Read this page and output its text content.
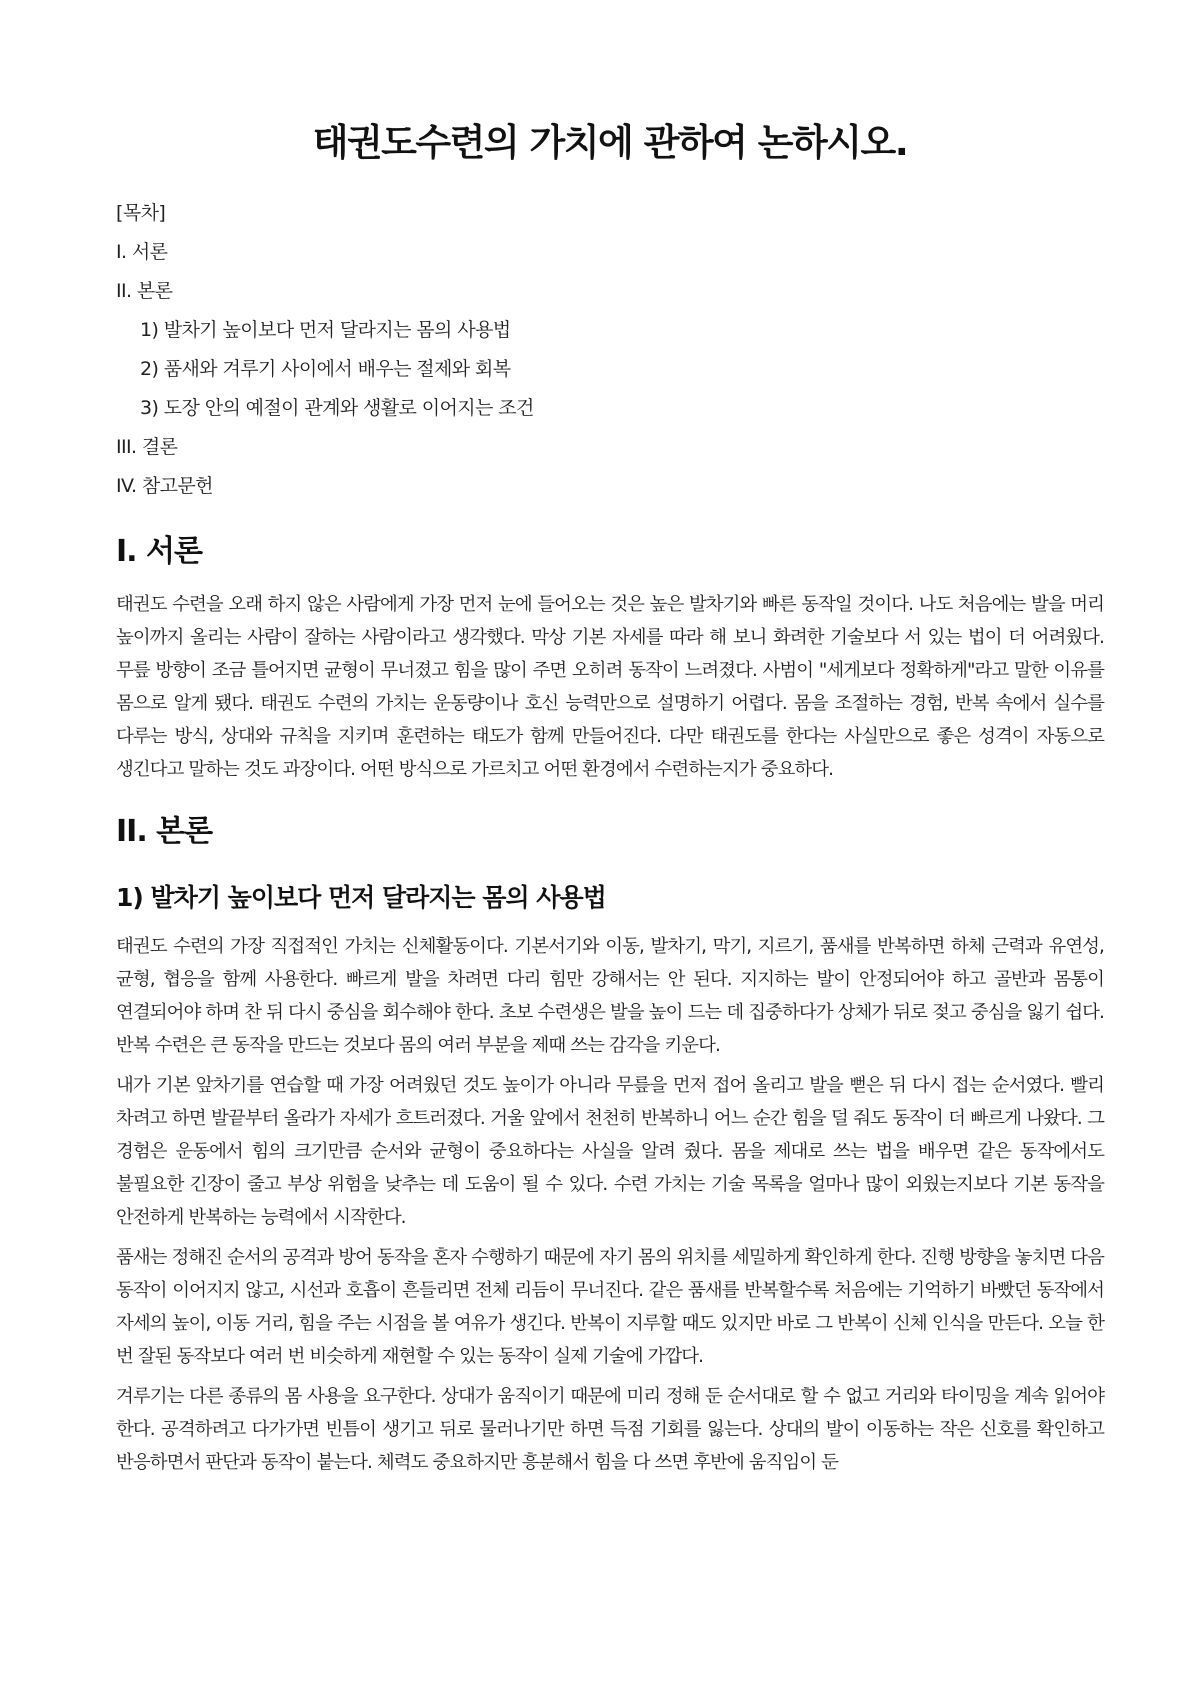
태권도수련의 가치에 관하여 논하시오.
[목차]
I. 서론
II. 본론
1) 발차기 높이보다 먼저 달라지는 몸의 사용법
2) 품새와 겨루기 사이에서 배우는 절제와 회복
3) 도장 안의 예절이 관계와 생활로 이어지는 조건
III. 결론
IV. 참고문헌
I. 서론

태권도 수련을 오래 하지 않은 사람에게 가장 먼저 눈에 들어오는 것은 높은 발차기와 빠른 동작일 것이다. 나도 처음에는 발을 머리 높이까지 올리는 사람이 잘하는 사람이라고 생각했다. 막상 기본 자세를 따라 해 보니 화려한 기술보다 서 있는 법이 더 어려웠다. 무릎 방향이 조금 틀어지면 균형이 무너졌고 힘을 많이 주면 오히려 동작이 느려졌다. 사범이 "세게보다 정확하게"라고 말한 이유를 몸으로 알게 됐다. 태권도 수련의 가치는 운동량이나 호신 능력만으로 설명하기 어렵다. 몸을 조절하는 경험, 반복 속에서 실수를 다루는 방식, 상대와 규칙을 지키며 훈련하는 태도가 함께 만들어진다. 다만 태권도를 한다는 사실만으로 좋은 성격이 자동으로 생긴다고 말하는 것도 과장이다. 어떤 방식으로 가르치고 어떤 환경에서 수련하는지가 중요하다.

II. 본론
1) 발차기 높이보다 먼저 달라지는 몸의 사용법

태권도 수련의 가장 직접적인 가치는 신체활동이다. 기본서기와 이동, 발차기, 막기, 지르기, 품새를 반복하면 하체 근력과 유연성, 균형, 협응을 함께 사용한다. 빠르게 발을 차려면 다리 힘만 강해서는 안 된다. 지지하는 발이 안정되어야 하고 골반과 몸통이 연결되어야 하며 찬 뒤 다시 중심을 회수해야 한다. 초보 수련생은 발을 높이 드는 데 집중하다가 상체가 뒤로 젖고 중심을 잃기 쉽다. 반복 수련은 큰 동작을 만드는 것보다 몸의 여러 부분을 제때 쓰는 감각을 키운다.

내가 기본 앞차기를 연습할 때 가장 어려웠던 것도 높이가 아니라 무릎을 먼저 접어 올리고 발을 뻗은 뒤 다시 접는 순서였다. 빨리 차려고 하면 발끝부터 올라가 자세가 흐트러졌다. 거울 앞에서 천천히 반복하니 어느 순간 힘을 덜 줘도 동작이 더 빠르게 나왔다. 그 경험은 운동에서 힘의 크기만큼 순서와 균형이 중요하다는 사실을 알려 줬다. 몸을 제대로 쓰는 법을 배우면 같은 동작에서도 불필요한 긴장이 줄고 부상 위험을 낮추는 데 도움이 될 수 있다. 수련 가치는 기술 목록을 얼마나 많이 외웠는지보다 기본 동작을 안전하게 반복하는 능력에서 시작한다.

품새는 정해진 순서의 공격과 방어 동작을 혼자 수행하기 때문에 자기 몸의 위치를 세밀하게 확인하게 한다. 진행 방향을 놓치면 다음 동작이 이어지지 않고, 시선과 호흡이 흔들리면 전체 리듬이 무너진다. 같은 품새를 반복할수록 처음에는 기억하기 바빴던 동작에서 자세의 높이, 이동 거리, 힘을 주는 시점을 볼 여유가 생긴다. 반복이 지루할 때도 있지만 바로 그 반복이 신체 인식을 만든다. 오늘 한 번 잘된 동작보다 여러 번 비슷하게 재현할 수 있는 동작이 실제 기술에 가깝다.

겨루기는 다른 종류의 몸 사용을 요구한다. 상대가 움직이기 때문에 미리 정해 둔 순서대로 할 수 없고 거리와 타이밍을 계속 읽어야 한다. 공격하려고 다가가면 빈틈이 생기고 뒤로 물러나기만 하면 득점 기회를 잃는다. 상대의 발이 이동하는 작은 신호를 확인하고 반응하면서 판단과 동작이 붙는다. 체력도 중요하지만 흥분해서 힘을 다 쓰면 후반에 움직임이 둔
